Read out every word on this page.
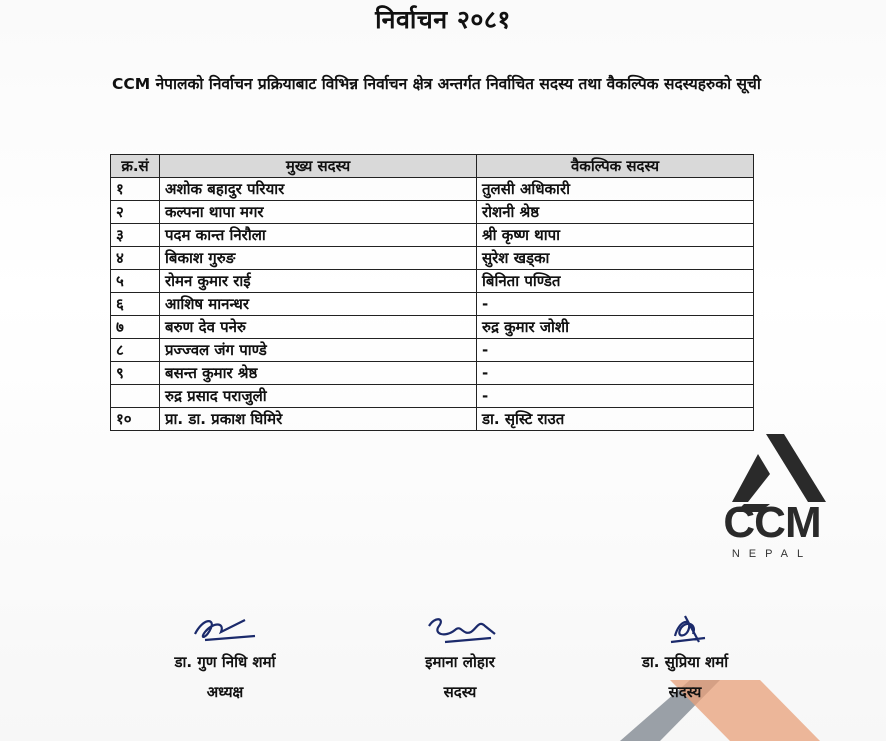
निर्वाचन २०८१
CCM नेपालको निर्वाचन प्रक्रियाबाट विभिन्न निर्वाचन क्षेत्र अन्तर्गत निर्वाचित सदस्य तथा वैकल्पिक सदस्यहरुको सूची
क्र.सं	मुख्य सदस्य	वैकल्पिक सदस्य
१	अशोक बहादुर परियार	तुलसी अधिकारी
२	कल्पना थापा मगर	रोशनी श्रेष्ठ
३	पदम कान्त निरौला	श्री कृष्ण थापा
४	बिकाश गुरुङ	सुरेश खड्का
५	रोमन कुमार राई	बिनिता पण्डित
६	आशिष मानन्धर	-
७	बरुण देव पनेरु	रुद्र कुमार जोशी
८	प्रज्ज्वल जंग पाण्डे	-
९	बसन्त कुमार श्रेष्ठ	-
	रुद्र प्रसाद पराजुली	-
१०	प्रा. डा. प्रकाश घिमिरे	डा. सृस्टि राउत
CCM
NEPAL
डा. गुण निधि शर्मा
अध्यक्ष
इमाना लोहार
सदस्य
डा. सुप्रिया शर्मा
सदस्य
